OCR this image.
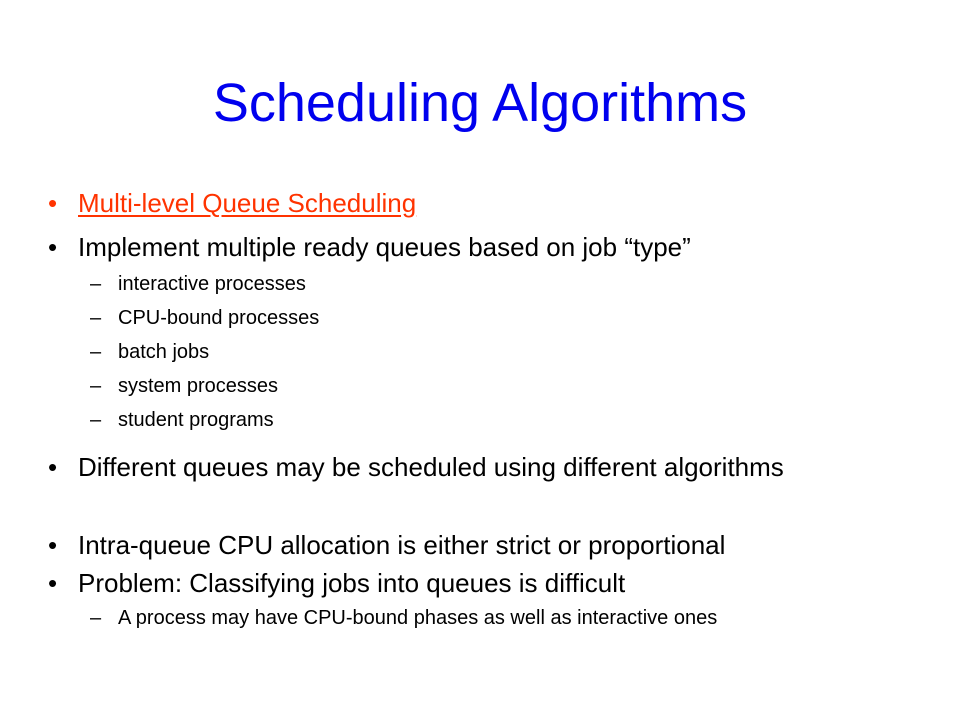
Scheduling Algorithms
• Multi-level Queue Scheduling
• Implement multiple ready queues based on job “type”
– interactive processes
– CPU-bound processes
– batch jobs
– system processes
– student programs
• Different queues may be scheduled using different algorithms
• Intra-queue CPU allocation is either strict or proportional
• Problem: Classifying jobs into queues is difficult
– A process may have CPU-bound phases as well as interactive ones
